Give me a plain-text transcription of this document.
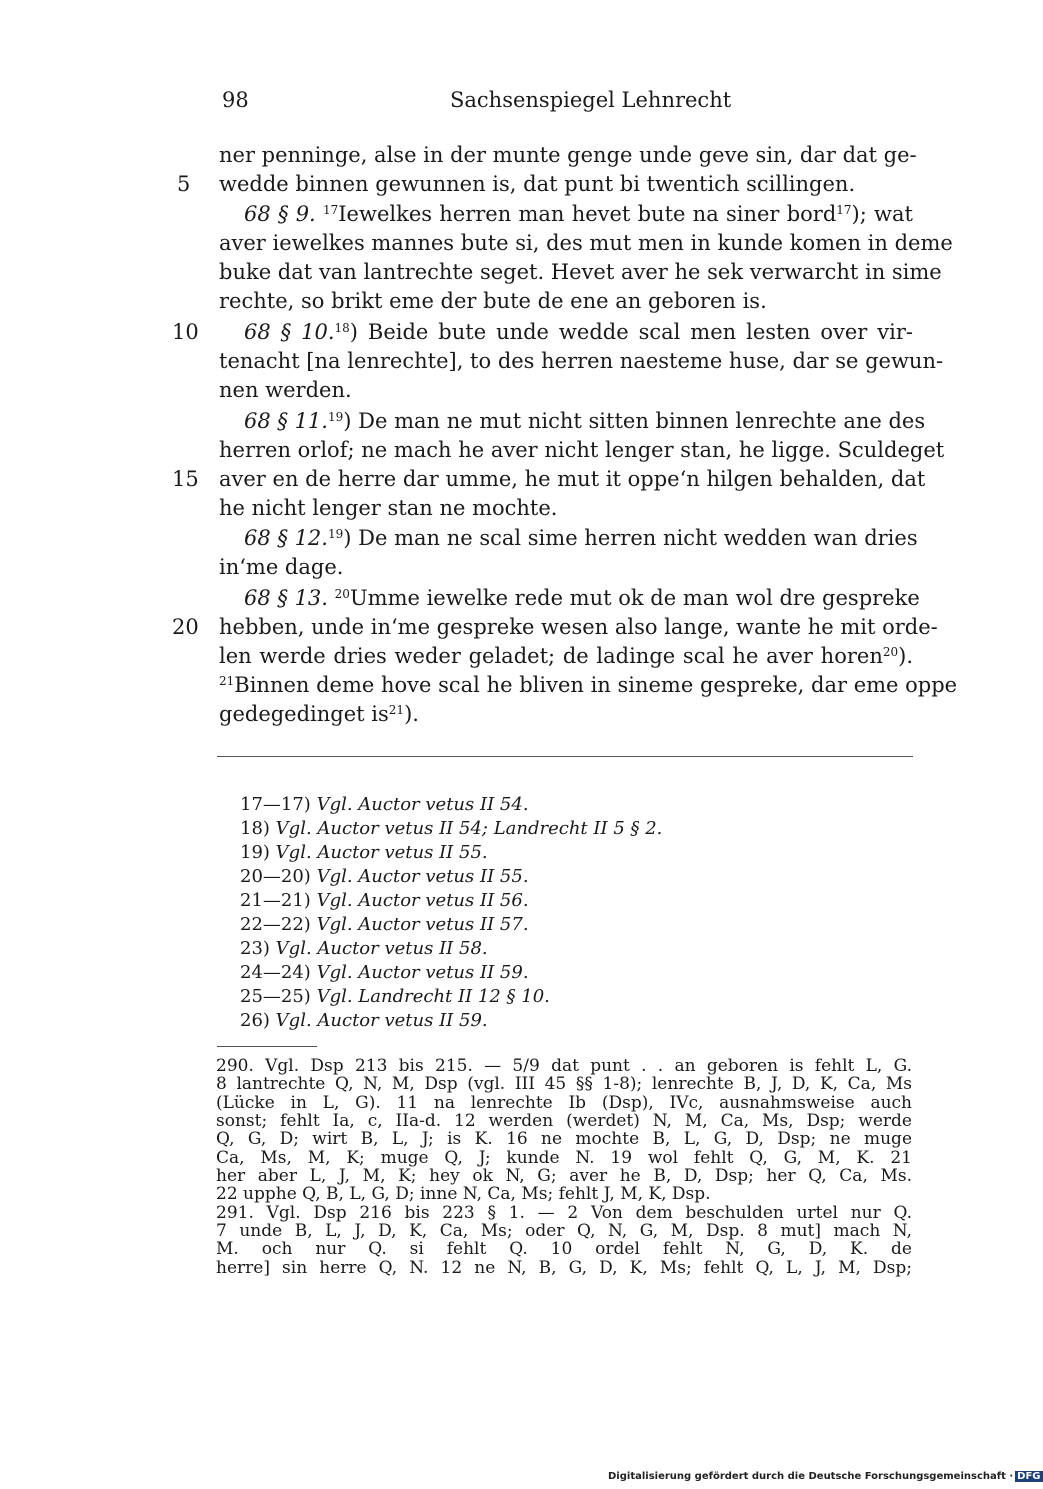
98	Sachsenspiegel Lehnrecht
ner penninge, alse in der munte genge unde geve sin, dar dat ge-
wedde binnen gewunnen is, dat punt bi twentich scillingen.
68 § 9. $^{17}$Iewelkes herren man hevet bute na siner bord$^{17}$); wat
aver iewelkes mannes bute si, des mut men in kunde komen in deme
buke dat van lantrechte seget. Hevet aver he sek verwarcht in sime
rechte, so brikt eme der bute de ene an geboren is.
68 § 10.18) Beide bute unde wedde scal men lesten over vir-
tenacht [na lenrechte], to des herren naesteme huse, dar se gewun-
nen werden.
68 § 11.19) De man ne mut nicht sitten binnen lenrechte ane des
herren orlof; ne mach he aver nicht lenger stan, he ligge. Sculdeget
aver en de herre dar umme, he mut it oppe‘n hilgen behalden, dat
he nicht lenger stan ne mochte.
68 § 12.19) De man ne scal sime herren nicht wedden wan dries
in‘me dage.
68 § 13. $^{20}$Umme iewelke rede mut ok de man wol dre gespreke
hebben, unde in‘me gespreke wesen also lange, wante he mit orde-
len werde dries weder geladet; de ladinge scal he aver horen$^{20}$).
$^{21}$Binnen deme hove scal he bliven in sineme gespreke, dar eme oppe
gedegedinget $is^{21}$).
5
10
15
20
17—17) Vgl. Auctor vetus II 54.
18) Vgl. Auctor vetus II 54; Landrecht II 5 § 2.
19) Vgl. Auctor vetus II 55.
20—20) Vgl. Auctor vetus II 55.
21—21) Vgl. Auctor vetus II 56.
22—22) Vgl. Auctor vetus II 57.
23) Vgl. Auctor vetus II 58.
24—24) Vgl. Auctor vetus II 59.
25—25) Vgl. Landrecht II 12 § 10.
26) Vgl. Auctor vetus II 59.
290. Vgl. Dsp 213 bis 215. — 5/9 dat punt . . an geboren is fehlt L, G.
8 lantrechte Q, N, M, Dsp (vgl. III 45 §§ 1-8); lenrechte B, J, D, K, Ca, Ms
(Lücke in L, G). 11 na lenrechte Ib (Dsp), IVc, ausnahmsweise auch
sonst; fehlt Ia, c, IIa-d. 12 werden (werdet) N, M, Ca, Ms, Dsp; werde
Q, G, D; wirt B, L, J; is K. 16 ne mochte B, L, G, D, Dsp; ne muge
Ca, Ms, M, K; muge Q, J; kunde N. 19 wol fehlt Q, G, M, K. 21
her aber L, J, M, K; hey ok N, G; aver he B, D, Dsp; her Q, Ca, Ms.
22 upphe Q, B, L, G, D; inne N, Ca, Ms; fehlt J, M, K, Dsp.
291. Vgl. Dsp 216 bis 223 § 1. — 2 Von dem beschulden urtel nur Q.
7 unde B, L, J, D, K, Ca, Ms; oder Q, N, G, M, Dsp. 8 mut] mach N,
M. och nur Q. si fehlt Q. 10 ordel fehlt N, G, D, K. de
herre] sin herre Q, N. 12 ne N, B, G, D, K, Ms; fehlt Q, L, J, M, Dsp;
Digitalisierung gefördert durch die Deutsche Forschungsgemeinschaft · DFG
